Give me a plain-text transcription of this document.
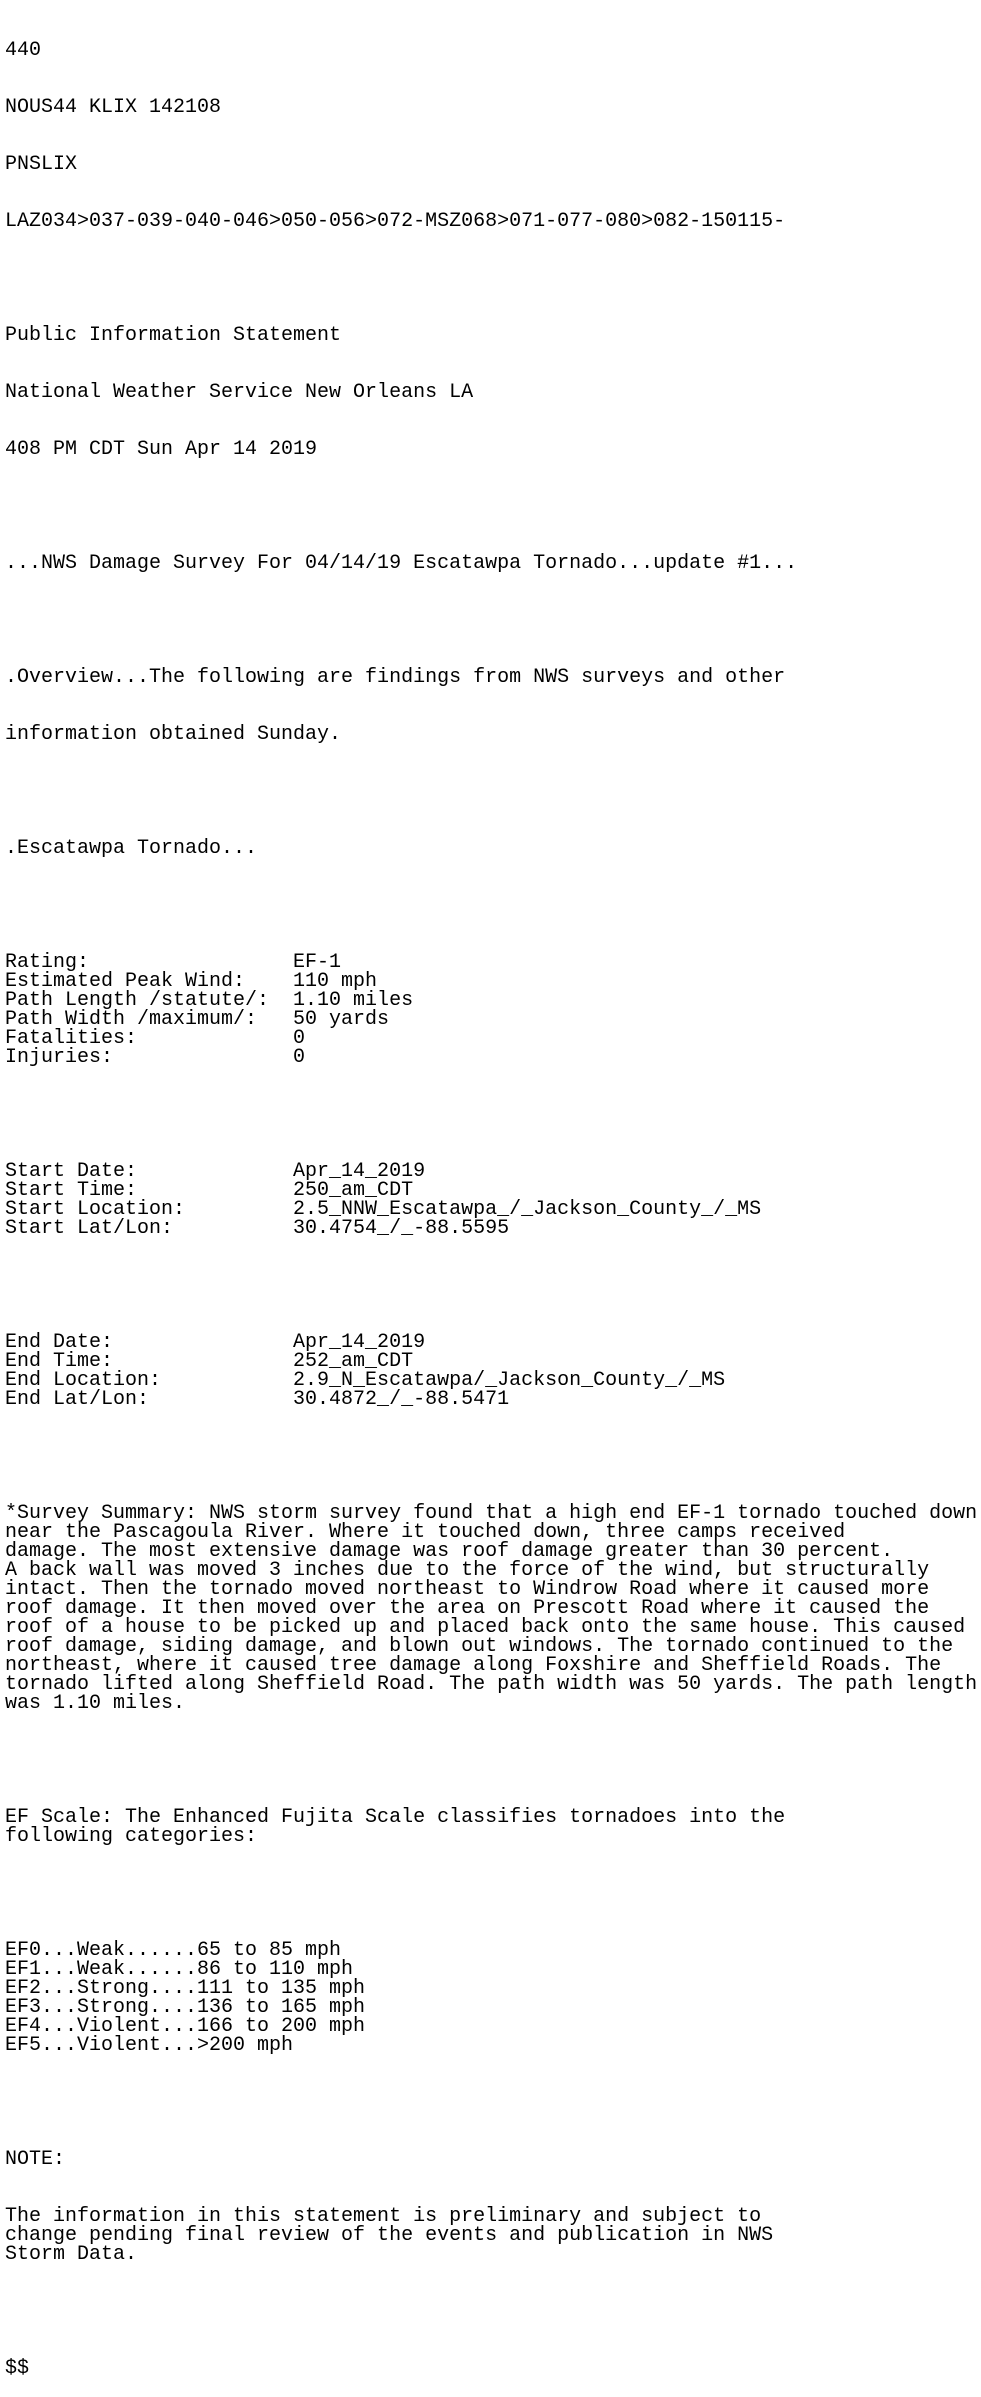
440

NOUS44 KLIX 142108

PNSLIX

LAZ034>037-039-040-046>050-056>072-MSZ068>071-077-080>082-150115-

Public Information Statement

National Weather Service New Orleans LA

408 PM CDT Sun Apr 14 2019

...NWS Damage Survey For 04/14/19 Escatawpa Tornado...update #1...

.Overview...The following are findings from NWS surveys and other

information obtained Sunday.

.Escatawpa Tornado...

Rating:                 EF-1
Estimated Peak Wind:    110 mph
Path Length /statute/:  1.10 miles
Path Width /maximum/:   50 yards
Fatalities:             0
Injuries:               0

Start Date:             Apr_14_2019
Start Time:             250_am_CDT
Start Location:         2.5_NNW_Escatawpa_/_Jackson_County_/_MS
Start Lat/Lon:          30.4754_/_-88.5595

End Date:               Apr_14_2019
End Time:               252_am_CDT
End Location:           2.9_N_Escatawpa/_Jackson_County_/_MS
End Lat/Lon:            30.4872_/_-88.5471

*Survey Summary: NWS storm survey found that a high end EF-1 tornado touched down
near the Pascagoula River. Where it touched down, three camps received
damage. The most extensive damage was roof damage greater than 30 percent.
A back wall was moved 3 inches due to the force of the wind, but structurally
intact. Then the tornado moved northeast to Windrow Road where it caused more
roof damage. It then moved over the area on Prescott Road where it caused the
roof of a house to be picked up and placed back onto the same house. This caused
roof damage, siding damage, and blown out windows. The tornado continued to the
northeast, where it caused tree damage along Foxshire and Sheffield Roads. The
tornado lifted along Sheffield Road. The path width was 50 yards. The path length
was 1.10 miles.

EF Scale: The Enhanced Fujita Scale classifies tornadoes into the
following categories:

EF0...Weak......65 to 85 mph
EF1...Weak......86 to 110 mph
EF2...Strong....111 to 135 mph
EF3...Strong....136 to 165 mph
EF4...Violent...166 to 200 mph
EF5...Violent...>200 mph

NOTE:

The information in this statement is preliminary and subject to
change pending final review of the events and publication in NWS
Storm Data.

$$
